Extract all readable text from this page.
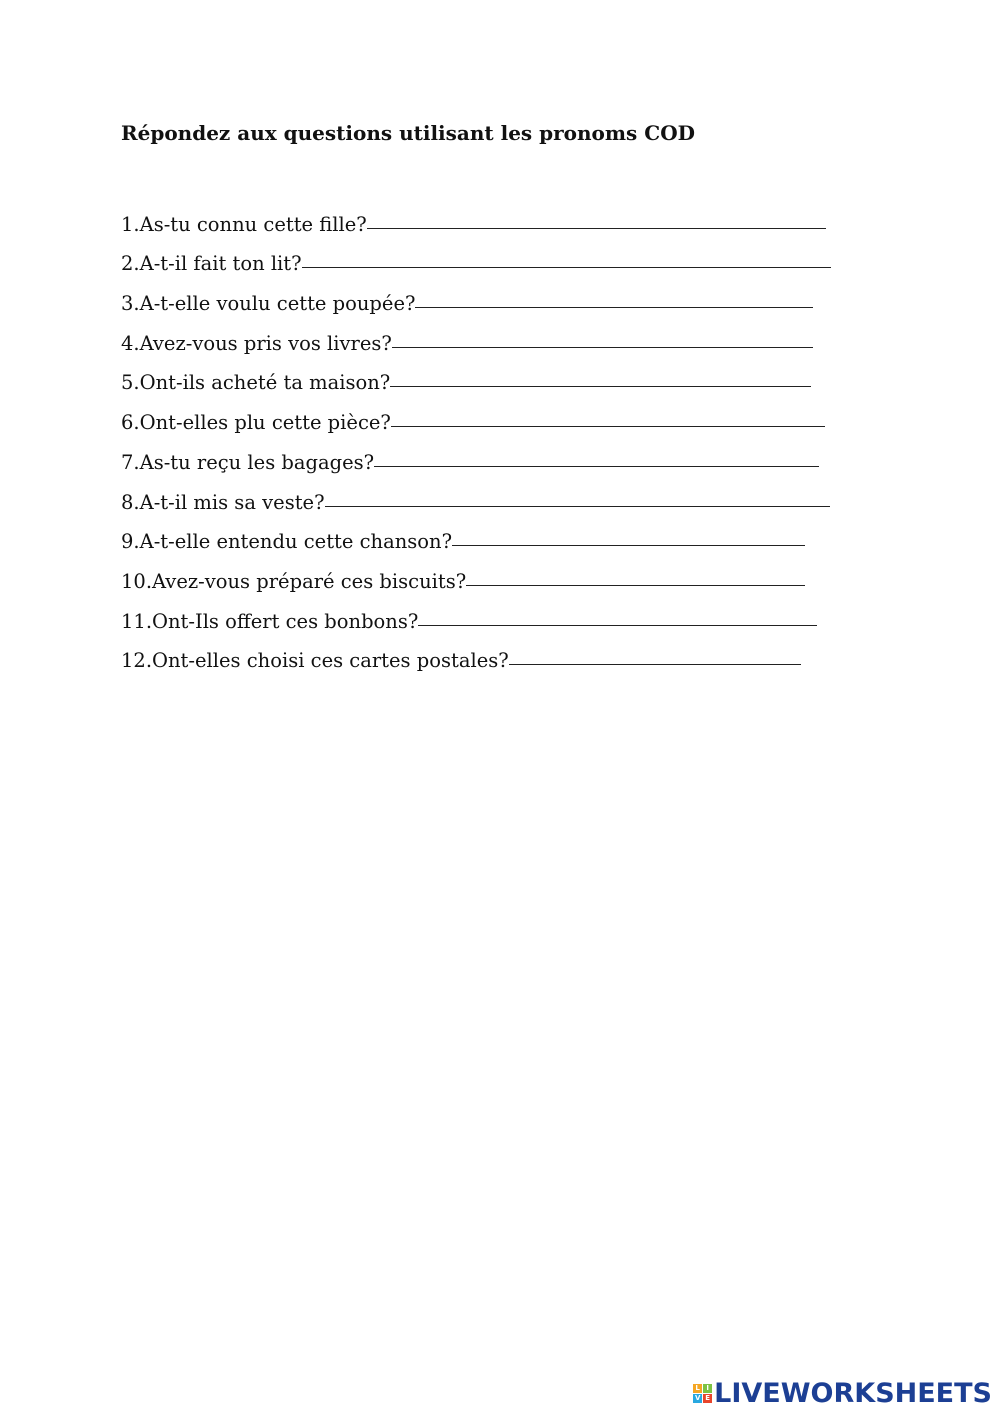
Répondez aux questions utilisant les pronoms COD
1.As-tu connu cette fille?
2.A-t-il fait ton lit?
3.A-t-elle voulu cette poupée?
4.Avez-vous pris vos livres?
5.Ont-ils acheté ta maison?
6.Ont-elles plu cette pièce?
7.As-tu reçu les bagages?
8.A-t-il mis sa veste?
9.A-t-elle entendu cette chanson?
10.Avez-vous préparé ces biscuits?
11.Ont-Ils offert ces bonbons?
12.Ont-elles choisi ces cartes postales?
L I
V E LIVEWORKSHEETS
